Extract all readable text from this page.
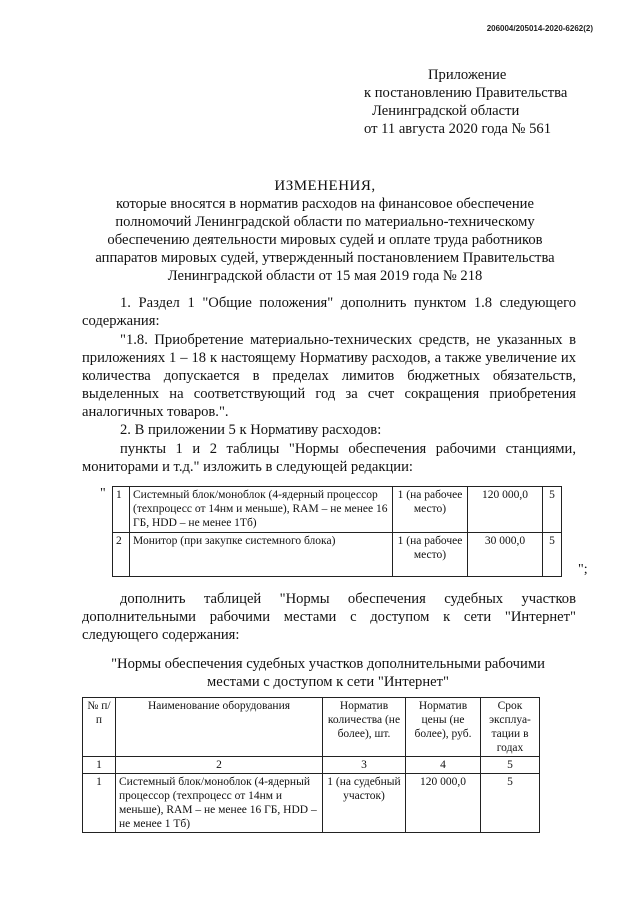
206004/205014-2020-6262(2)
Приложение
к постановлению Правительства
Ленинградской области
от 11 августа 2020 года № 561
ИЗМЕНЕНИЯ,
которые вносятся в норматив расходов на финансовое обеспечение
полномочий Ленинградской области по материально-техническому
обеспечению деятельности мировых судей и оплате труда работников
аппаратов мировых судей, утвержденный постановлением Правительства
Ленинградской области от 15 мая 2019 года № 218
1. Раздел 1 "Общие положения" дополнить пунктом 1.8 следующего содержания:
"1.8. Приобретение материально-технических средств, не указанных в приложениях 1 – 18 к настоящему Нормативу расходов, а также увеличение их количества допускается в пределах лимитов бюджетных обязательств, выделенных на соответствующий год за счет сокращения приобретения аналогичных товаров.".
2. В приложении 5 к Нормативу расходов:
пункты 1 и 2 таблицы "Нормы обеспечения рабочими станциями, мониторами и т.д." изложить в следующей редакции:
" 1	Системный блок/моноблок (4-ядерный процессор (техпроцесс от 14нм и меньше), RAM – не менее 16 ГБ, HDD – не менее 1Тб)	1 (на рабочее место)	120 000,0	5
2	Монитор (при закупке системного блока)	1 (на рабочее место)	30 000,0	5
";
дополнить таблицей "Нормы обеспечения судебных участков дополнительными рабочими местами с доступом к сети "Интернет" следующего содержания:
"Нормы обеспечения судебных участков дополнительными рабочими местами с доступом к сети "Интернет"
№ п/п	Наименование оборудования	Норматив количества (не более), шт.	Норматив цены (не более), руб.	Срок эксплуа-тации в годах
1	2	3	4	5
1	Системный блок/моноблок (4-ядерный процессор (техпроцесс от 14нм и меньше), RAM – не менее 16 ГБ, HDD – не менее 1 Тб)	1 (на судебный участок)	120 000,0	5
